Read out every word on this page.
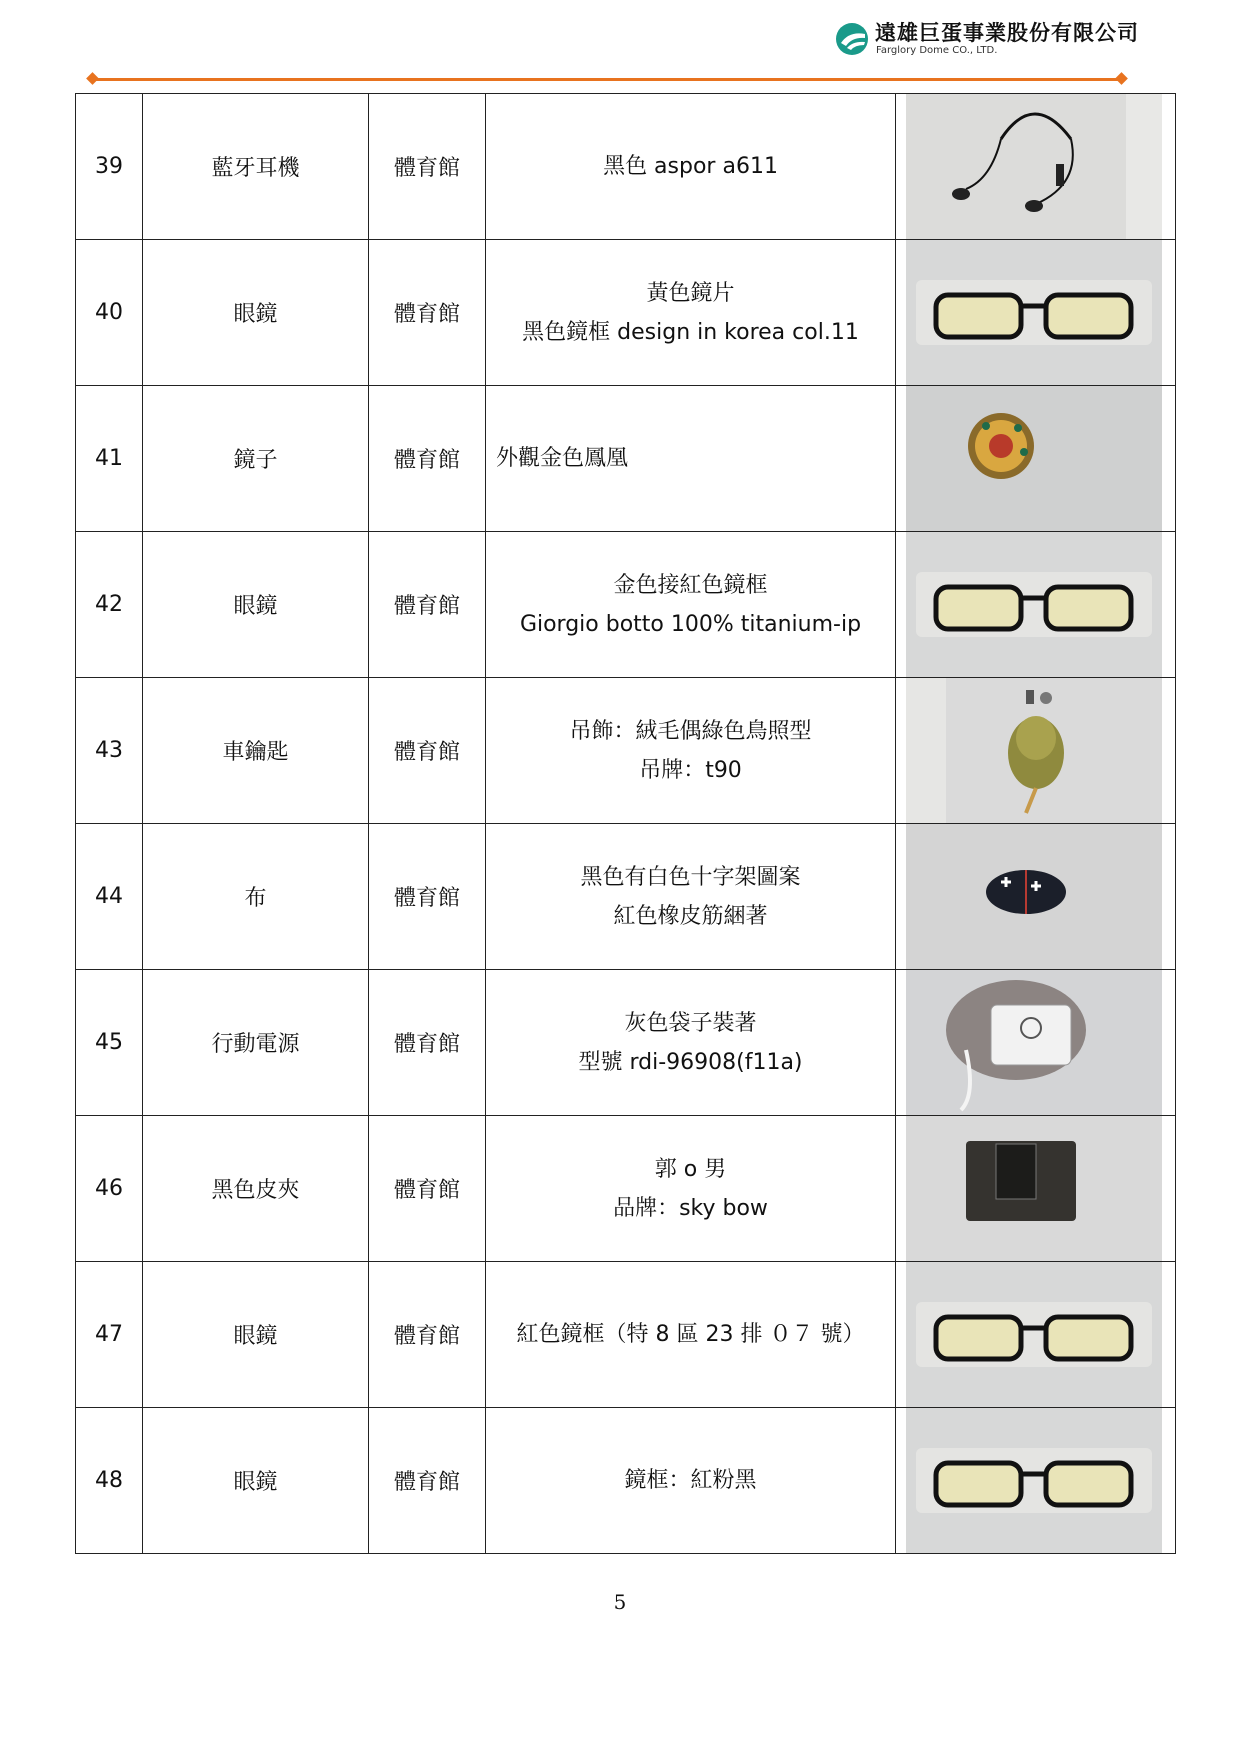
遠雄巨蛋事業股份有限公司
Farglory Dome CO., LTD.
39	藍牙耳機	體育館	黑色 aspor a611

40	眼鏡	體育館	黃色鏡片
黑色鏡框 design in korea col.11

41	鏡子	體育館	外觀金色鳳凰

42	眼鏡	體育館	金色接紅色鏡框
Giorgio botto 100% titanium-ip

43	車鑰匙	體育館	吊飾：絨毛偶綠色鳥照型
吊牌：t90

44	布	體育館	黑色有白色十字架圖案
紅色橡皮筋綑著

45	行動電源	體育館	灰色袋子裝著
型號 rdi-96908(f11a)

46	黑色皮夾	體育館	郭 o 男
品牌：sky bow

47	眼鏡	體育館	紅色鏡框（特 8 區 23 排 ０７ 號）

48	眼鏡	體育館	鏡框：紅粉黑

5
